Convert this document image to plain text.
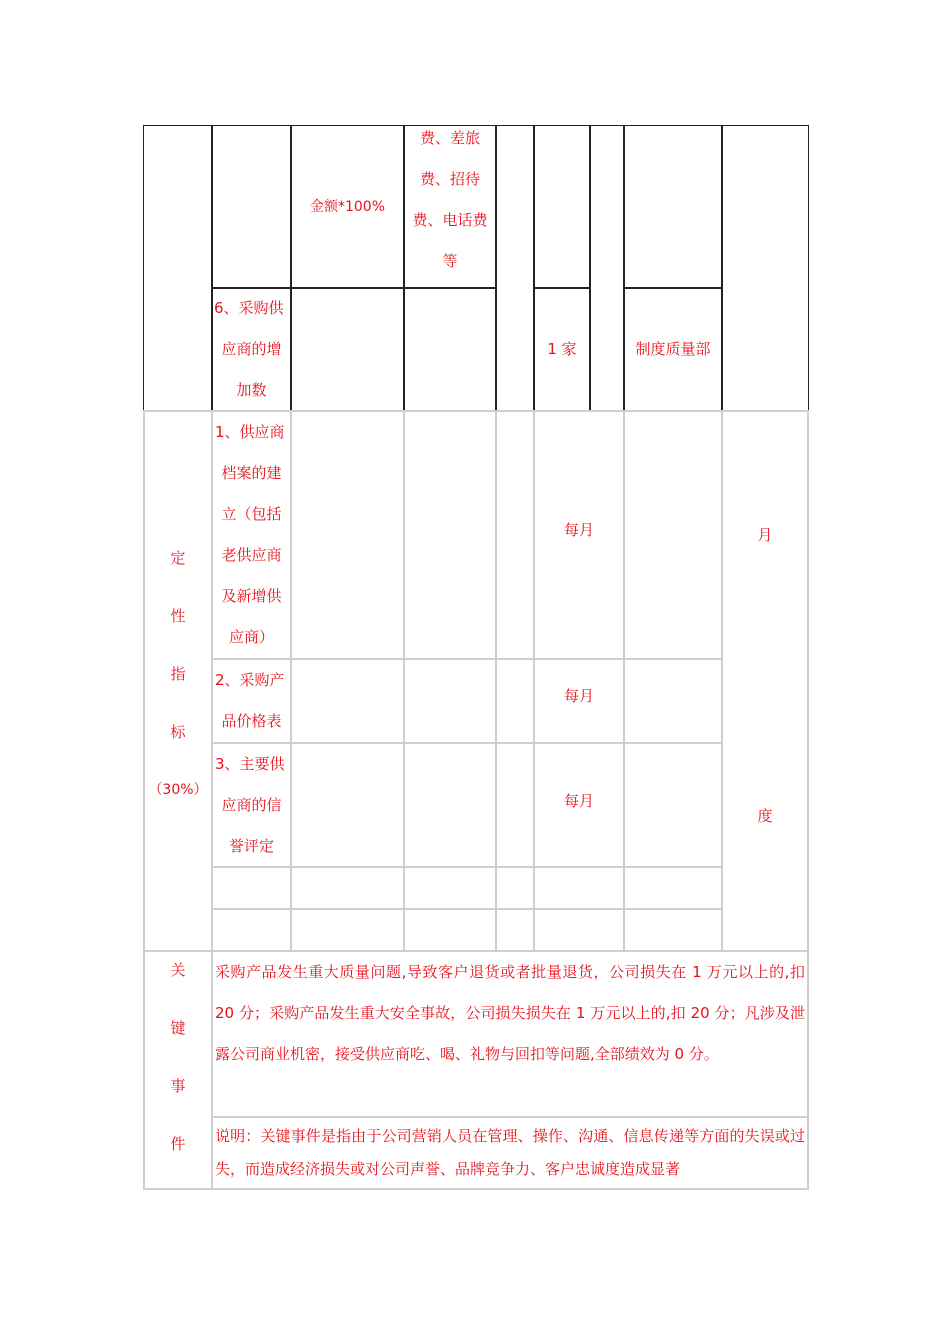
金额*100%
费、差旅
费、招待
费、电话费
等
6、采购供
应商的增
加数
1 家	制度质量部
定
性
指
标
（30%）
1、供应商
档案的建
立（包括
老供应商
及新增供
应商）
每月
2、采购产
品价格表
每月
3、主要供
应商的信
誉评定
每月
月
度
关
键
事
件
采购产品发生重大质量问题,导致客户退货或者批量退货，公司损失在 1 万元以上的,扣 20 分；采购产品发生重大安全事故，公司损失损失在 1 万元以上的,扣 20 分；凡涉及泄露公司商业机密，接受供应商吃、喝、礼物与回扣等问题,全部绩效为 0 分。
说明：关键事件是指由于公司营销人员在管理、操作、沟通、信息传递等方面的失误或过失，而造成经济损失或对公司声誉、品牌竞争力、客户忠诚度造成显著
